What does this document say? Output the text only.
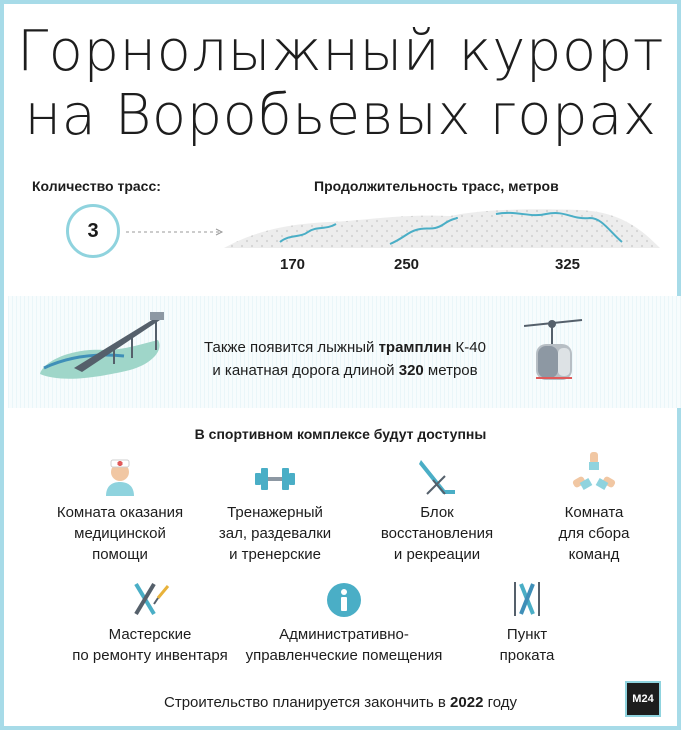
Горнолыжный курорт
на Воробьевых горах
Количество трасс:	Продолжительность трасс, метров
3
170	250	325
Также появится лыжный трамплин К-40
и канатная дорога длиной 320 метров
В спортивном комплексе будут доступны
Комната оказания
медицинской
помощи
Тренажерный
зал, раздевалки
и тренерские
Блок
восстановления
и рекреации
Комната
для сбора
команд
Мастерские
по ремонту инвентаря
Административно-
управленческие помещения
Пункт
проката
Строительство планируется закончить в 2022 году	M24
